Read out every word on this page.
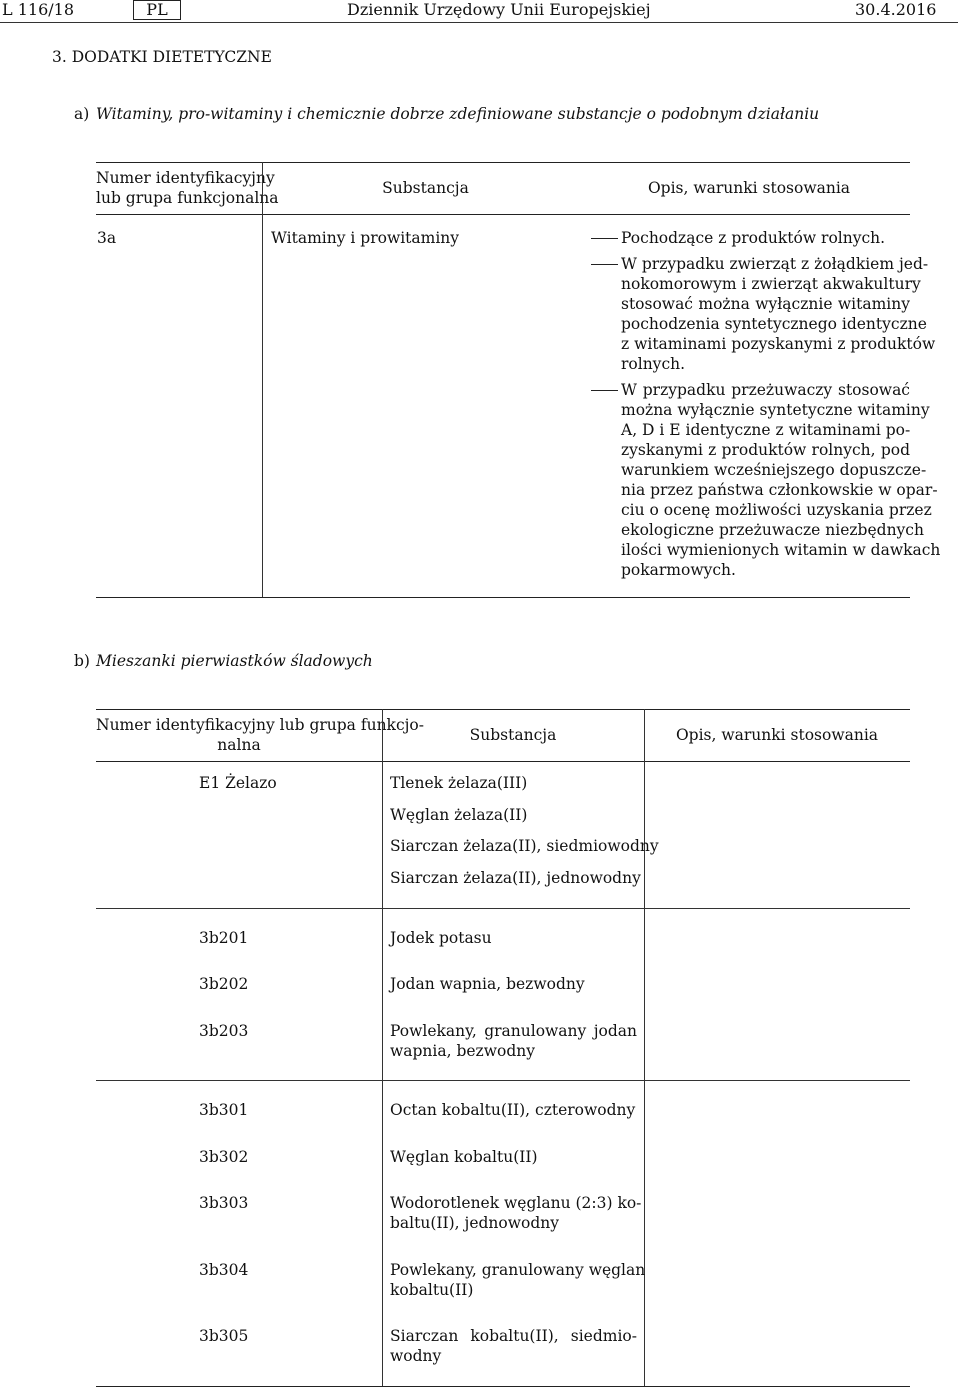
L 116/18	PL	Dziennik Urzędowy Unii Europejskiej	30.4.2016
3. DODATKI DIETETYCZNE
a) Witaminy, pro-witaminy i chemicznie dobrze zdefiniowane substancje o podobnym działaniu
Numer identyfikacyjny
lub grupa funkcjonalna
Substancja	Opis, warunki stosowania
3a	Witaminy i prowitaminy	Pochodzące z produktów rolnych.
W przypadku zwierząt z żołądkiem jed-
nokomorowym i zwierząt akwakultury
stosować można wyłącznie witaminy
pochodzenia syntetycznego identyczne
z witaminami pozyskanymi z produktów
rolnych.
W przypadku przeżuwaczy stosować
można wyłącznie syntetyczne witaminy
A, D i E identyczne z witaminami po-
zyskanymi z produktów rolnych, pod
warunkiem wcześniejszego dopuszcze-
nia przez państwa członkowskie w opar-
ciu o ocenę możliwości uzyskania przez
ekologiczne przeżuwacze niezbędnych
ilości wymienionych witamin w dawkach
pokarmowych.
b) Mieszanki pierwiastków śladowych
Numer identyfikacyjny lub grupa funkcjo-
nalna
Substancja	Opis, warunki stosowania
E1 Żelazo	Tlenek żelaza(III)
Węglan żelaza(II)
Siarczan żelaza(II), siedmiowodny
Siarczan żelaza(II), jednowodny
3b201	Jodek potasu
3b202	Jodan wapnia, bezwodny
3b203	Powlekany, granulowany jodan
wapnia, bezwodny
3b301	Octan kobaltu(II), czterowodny
3b302	Węglan kobaltu(II)
3b303	Wodorotlenek węglanu (2:3) ko-
baltu(II), jednowodny
3b304	Powlekany, granulowany węglan
kobaltu(II)
3b305	Siarczan kobaltu(II), siedmio-
wodny
